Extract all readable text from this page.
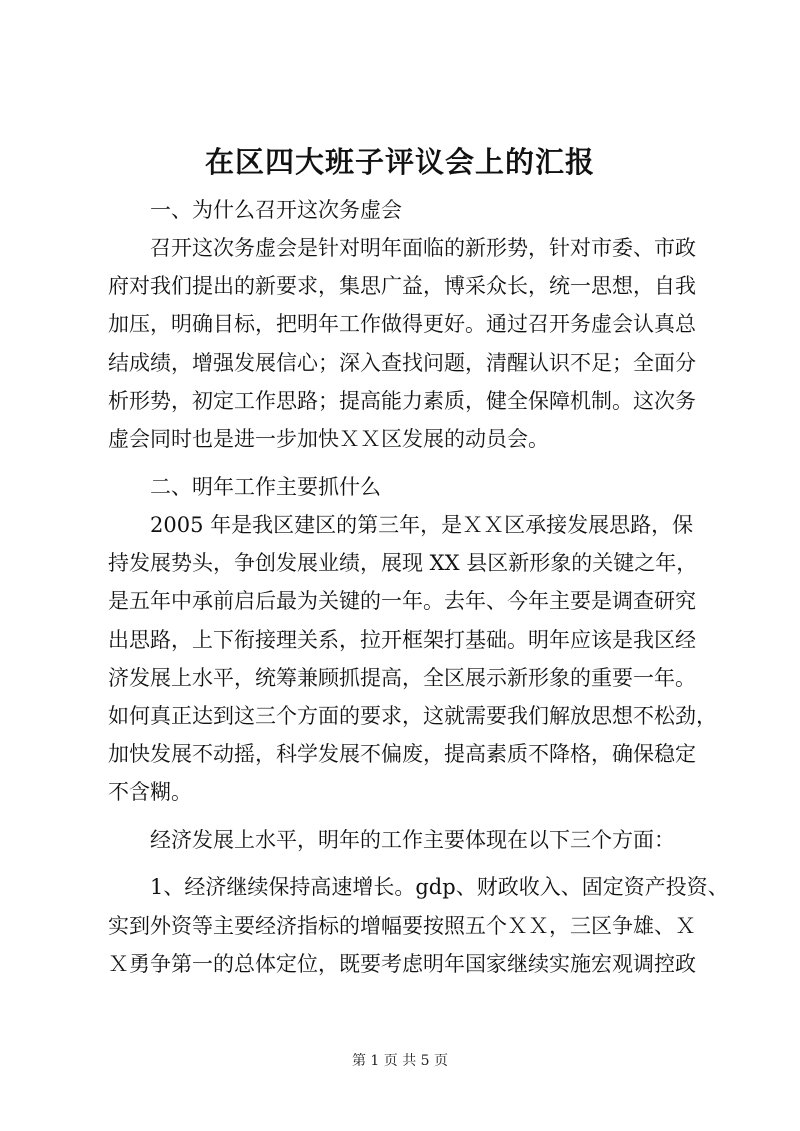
在区四大班子评议会上的汇报

一、为什么召开这次务虚会

召开这次务虚会是针对明年面临的新形势，针对市委、市政

府对我们提出的新要求，集思广益，博采众长，统一思想，自我

加压，明确目标，把明年工作做得更好。通过召开务虚会认真总

结成绩，增强发展信心；深入查找问题，清醒认识不足；全面分

析形势，初定工作思路；提高能力素质，健全保障机制。这次务

虚会同时也是进一步加快ＸＸ区发展的动员会。

二、明年工作主要抓什么

2005 年是我区建区的第三年，是ＸＸ区承接发展思路，保

持发展势头，争创发展业绩，展现 XX 县区新形象的关键之年，

是五年中承前启后最为关键的一年。去年、今年主要是调查研究

出思路，上下衔接理关系，拉开框架打基础。明年应该是我区经

济发展上水平，统筹兼顾抓提高，全区展示新形象的重要一年。

如何真正达到这三个方面的要求，这就需要我们解放思想不松劲，

加快发展不动摇，科学发展不偏废，提高素质不降格，确保稳定

不含糊。

经济发展上水平，明年的工作主要体现在以下三个方面：

1、经济继续保持高速增长。gdp、财政收入、固定资产投资、

实到外资等主要经济指标的增幅要按照五个ＸＸ，三区争雄、Ｘ

Ｘ勇争第一的总体定位，既要考虑明年国家继续实施宏观调控政

第 1 页 共 5 页
